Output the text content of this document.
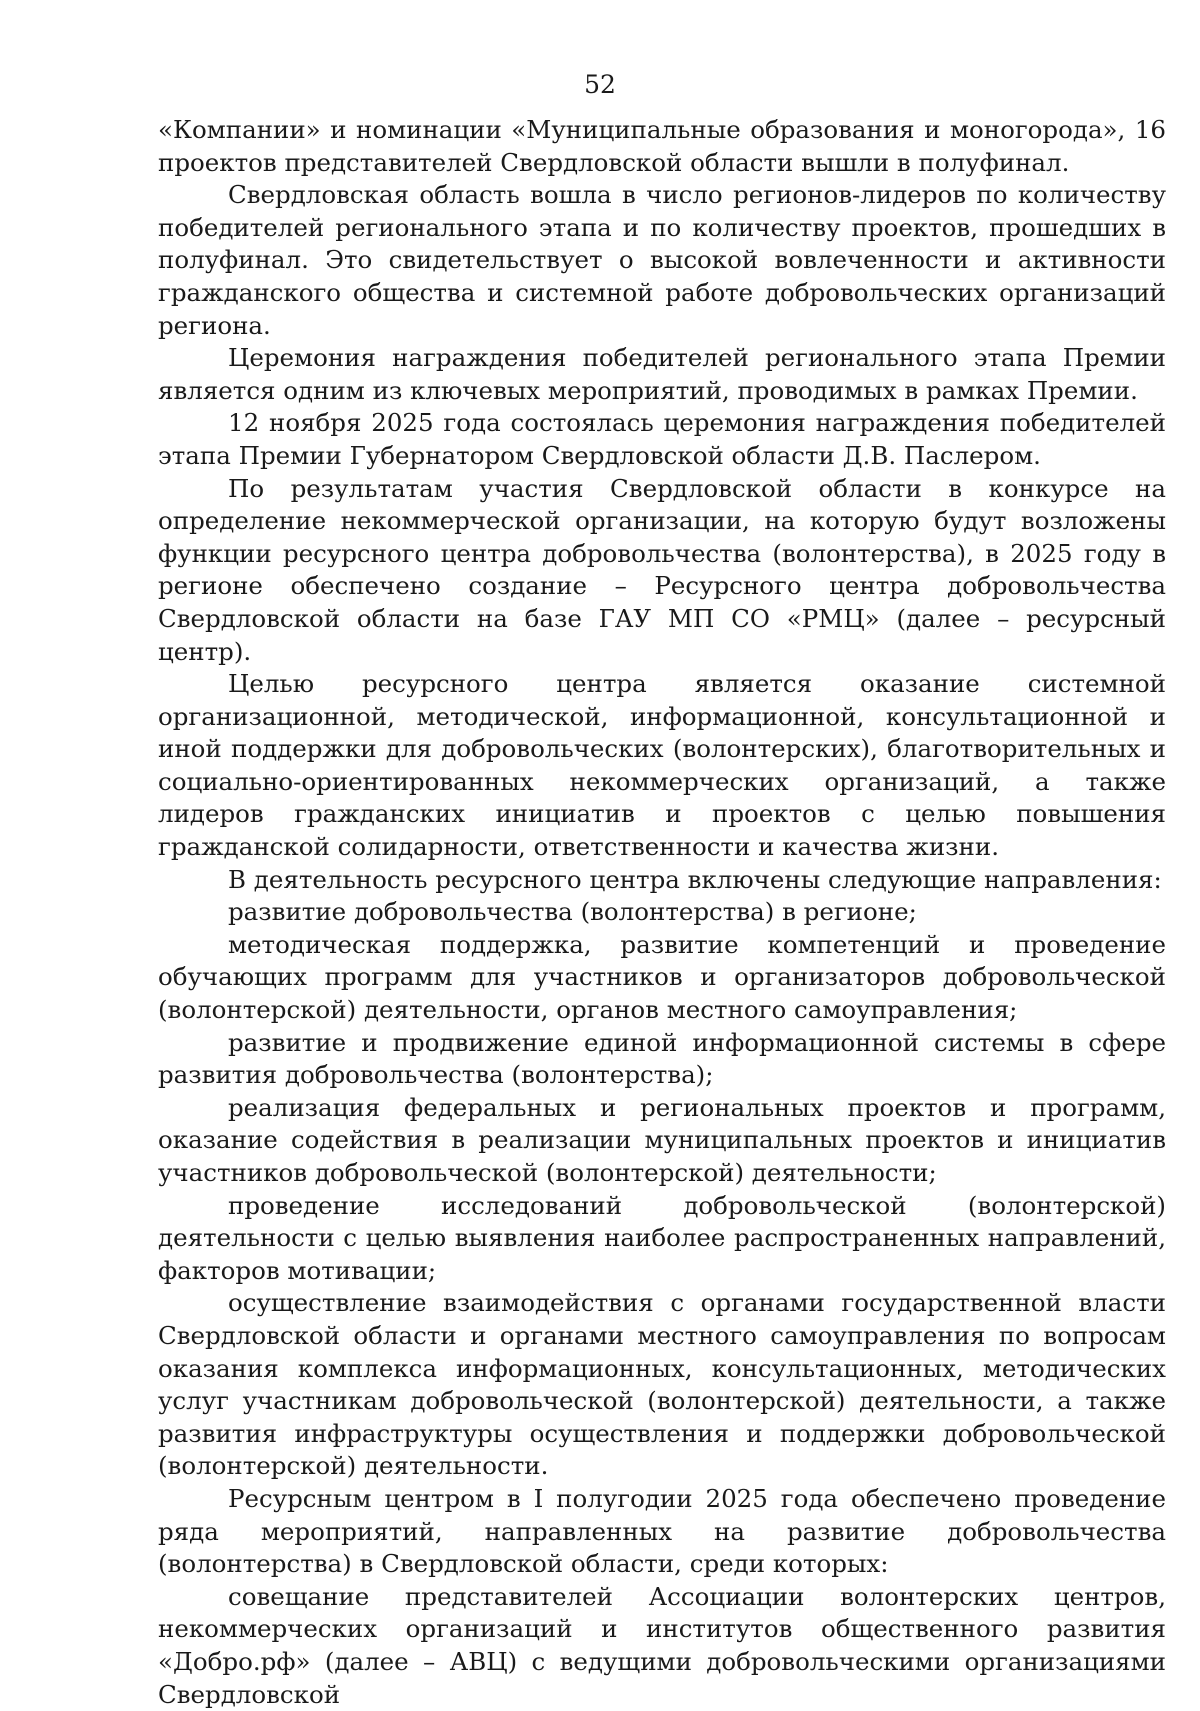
52

«Компании» и номинации «Муниципальные образования и моногорода», 16 проектов представителей Свердловской области вышли в полуфинал.

Свердловская область вошла в число регионов-лидеров по количеству победителей регионального этапа и по количеству проектов, прошедших в полуфинал. Это свидетельствует о высокой вовлеченности и активности гражданского общества и системной работе добровольческих организаций региона.

Церемония награждения победителей регионального этапа Премии является одним из ключевых мероприятий, проводимых в рамках Премии.

12 ноября 2025 года состоялась церемония награждения победителей этапа Премии Губернатором Свердловской области Д.В. Паслером.

По результатам участия Свердловской области в конкурсе на определение некоммерческой организации, на которую будут возложены функции ресурсного центра добровольчества (волонтерства), в 2025 году в регионе обеспечено создание – Ресурсного центра добровольчества Свердловской области на базе ГАУ МП СО «РМЦ» (далее – ресурсный центр).

Целью ресурсного центра является оказание системной организационной, методической, информационной, консультационной и иной поддержки для добровольческих (волонтерских), благотворительных и социально-ориентированных некоммерческих организаций, а также лидеров гражданских инициатив и проектов с целью повышения гражданской солидарности, ответственности и качества жизни.

В деятельность ресурсного центра включены следующие направления:

развитие добровольчества (волонтерства) в регионе;

методическая поддержка, развитие компетенций и проведение обучающих программ для участников и организаторов добровольческой (волонтерской) деятельности, органов местного самоуправления;

развитие и продвижение единой информационной системы в сфере развития добровольчества (волонтерства);

реализация федеральных и региональных проектов и программ, оказание содействия в реализации муниципальных проектов и инициатив участников добровольческой (волонтерской) деятельности;

проведение исследований добровольческой (волонтерской) деятельности с целью выявления наиболее распространенных направлений, факторов мотивации;

осуществление взаимодействия с органами государственной власти Свердловской области и органами местного самоуправления по вопросам оказания комплекса информационных, консультационных, методических услуг участникам добровольческой (волонтерской) деятельности, а также развития инфраструктуры осуществления и поддержки добровольческой (волонтерской) деятельности.

Ресурсным центром в I полугодии 2025 года обеспечено проведение ряда мероприятий, направленных на развитие добровольчества (волонтерства) в Свердловской области, среди которых:

совещание представителей Ассоциации волонтерских центров, некоммерческих организаций и институтов общественного развития «Добро.рф» (далее – АВЦ) с ведущими добровольческими организациями Свердловской
